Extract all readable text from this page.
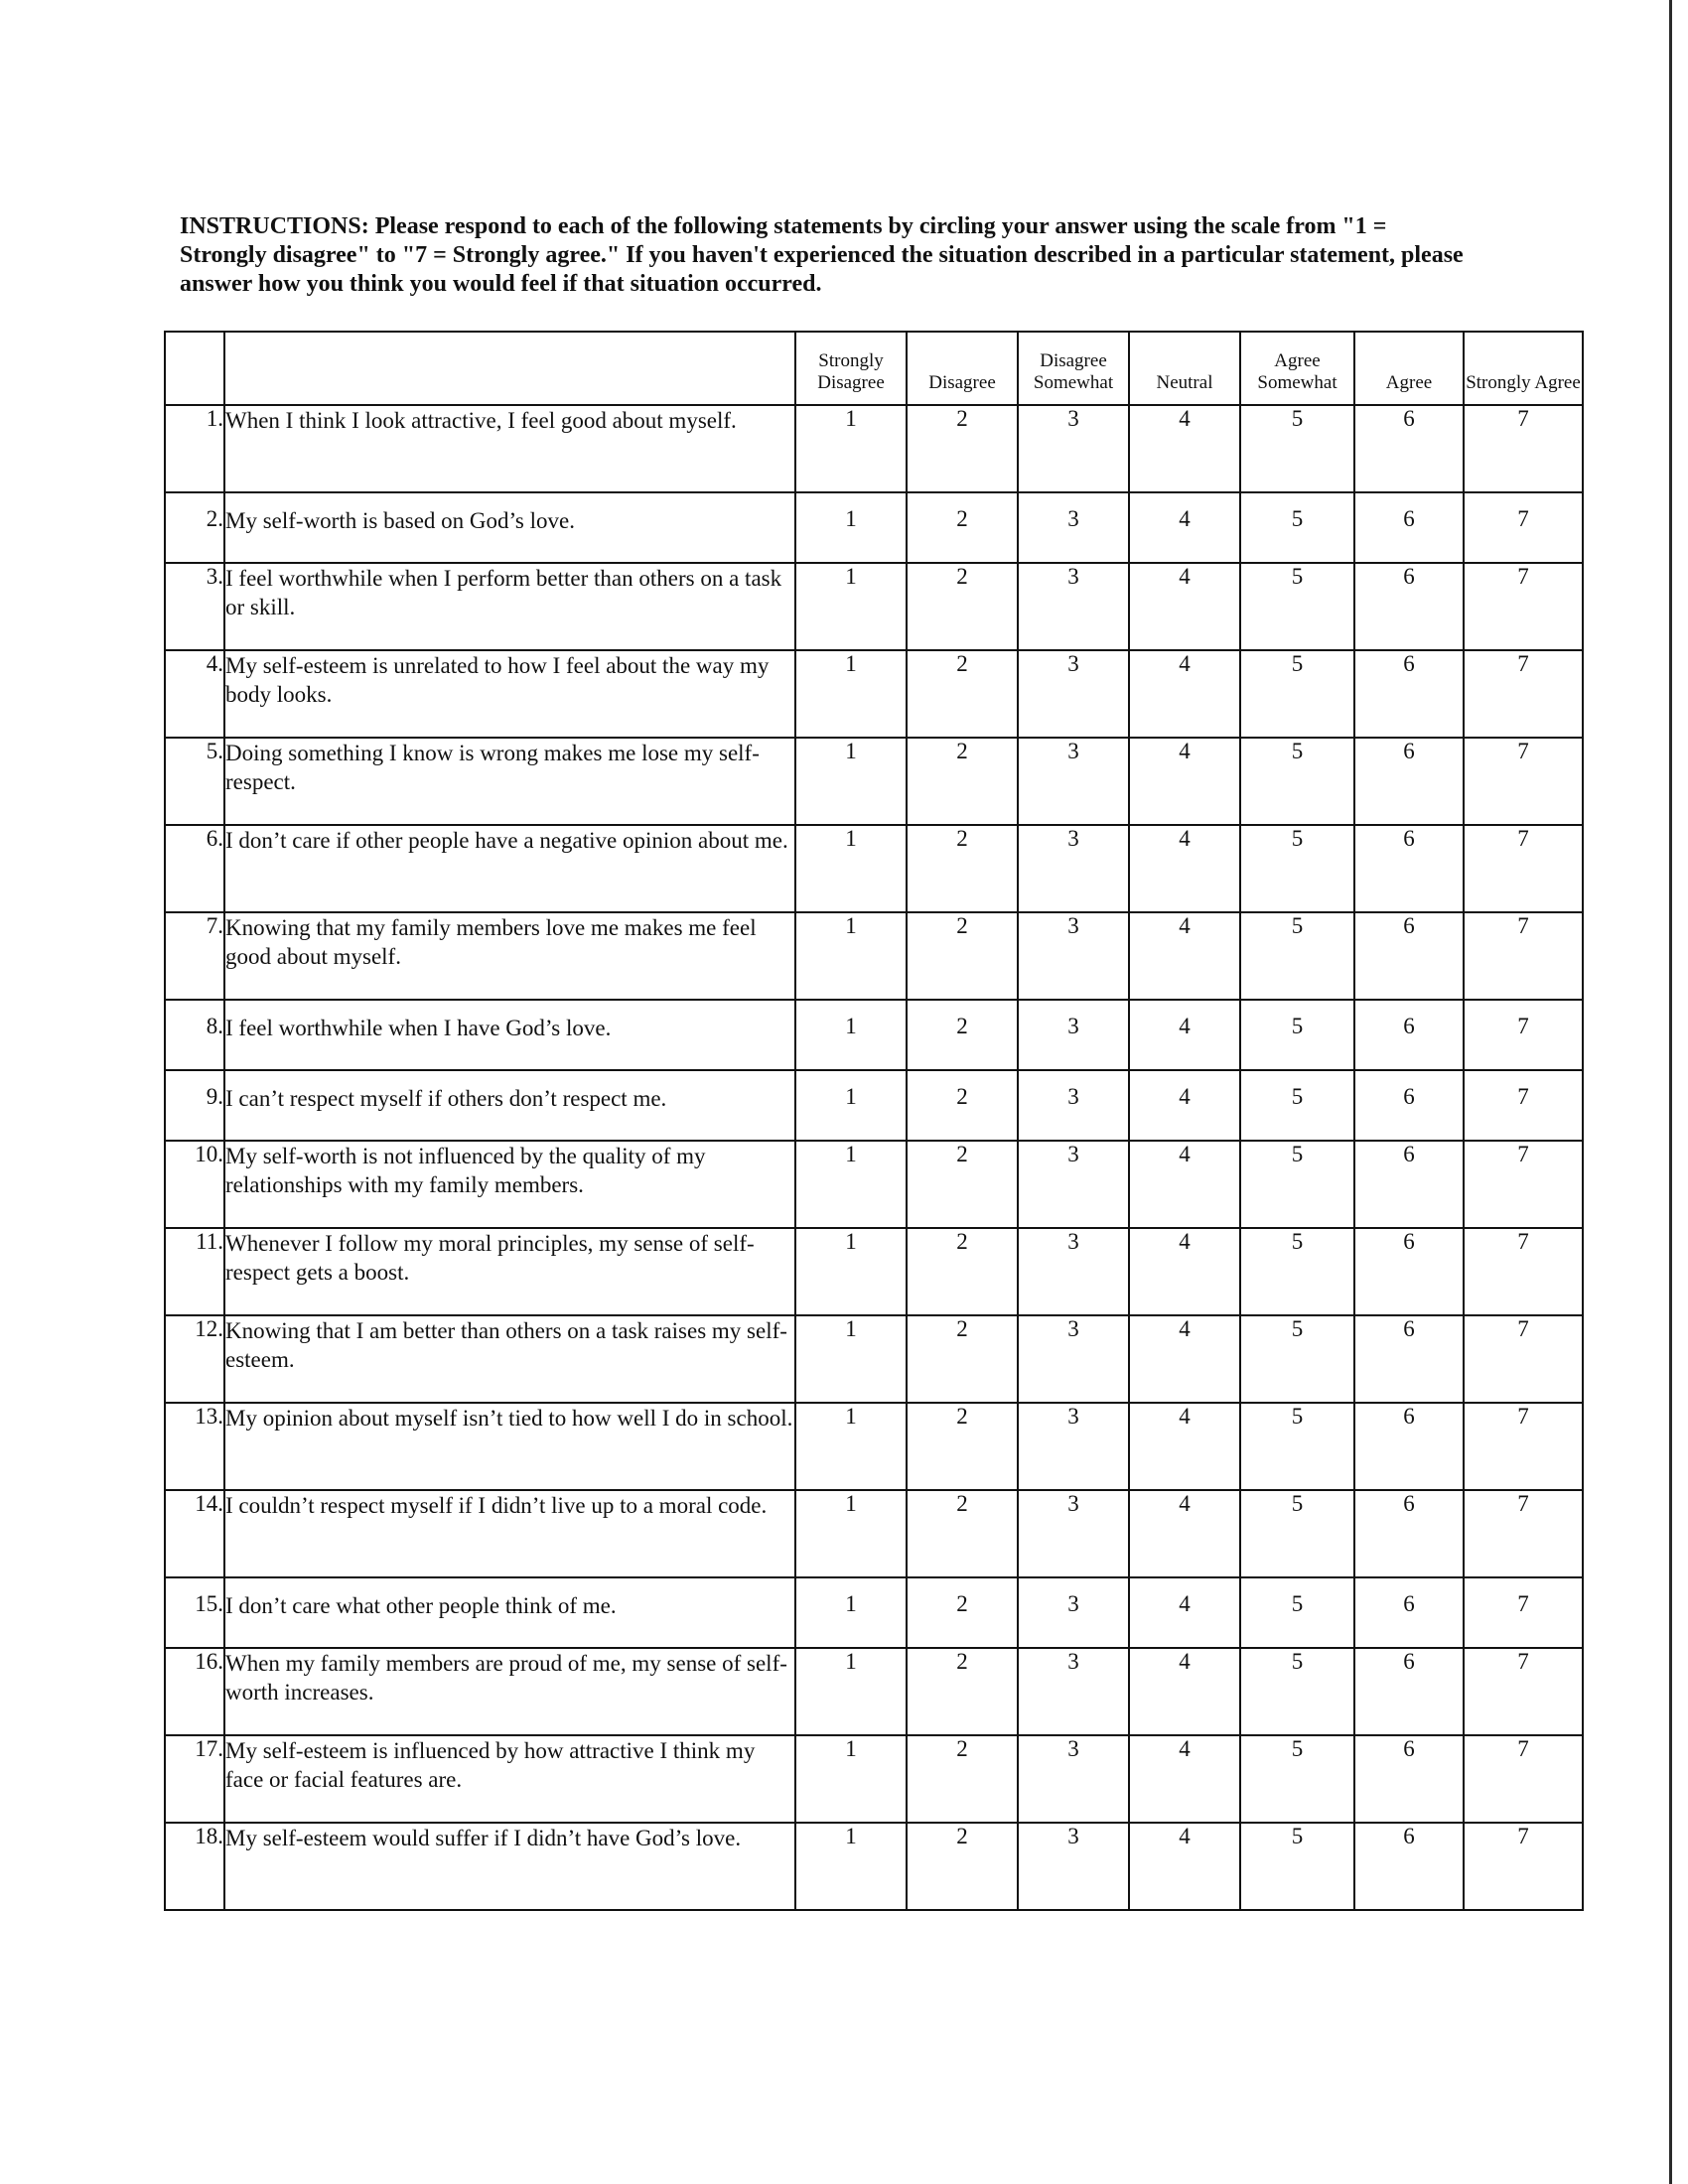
INSTRUCTIONS: Please respond to each of the following statements by circling your answer using the scale from "1 = Strongly disagree" to "7 = Strongly agree." If you haven't experienced the situation described in a particular statement, please answer how you think you would feel if that situation occurred.
		Strongly Disagree	Disagree	Disagree Somewhat	Neutral	Agree Somewhat	Agree	Strongly Agree
1.	When I think I look attractive, I feel good about myself.	1	2	3	4	5	6	7
2.	My self-worth is based on God’s love.	1	2	3	4	5	6	7
3.	I feel worthwhile when I perform better than others on a task or skill.	1	2	3	4	5	6	7
4.	My self-esteem is unrelated to how I feel about the way my body looks.	1	2	3	4	5	6	7
5.	Doing something I know is wrong makes me lose my self-respect.	1	2	3	4	5	6	7
6.	I don’t care if other people have a negative opinion about me.	1	2	3	4	5	6	7
7.	Knowing that my family members love me makes me feel good about myself.	1	2	3	4	5	6	7
8.	I feel worthwhile when I have God’s love.	1	2	3	4	5	6	7
9.	I can’t respect myself if others don’t respect me.	1	2	3	4	5	6	7
10.	My self-worth is not influenced by the quality of my relationships with my family members.	1	2	3	4	5	6	7
11.	Whenever I follow my moral principles, my sense of self-respect gets a boost.	1	2	3	4	5	6	7
12.	Knowing that I am better than others on a task raises my self-esteem.	1	2	3	4	5	6	7
13.	My opinion about myself isn’t tied to how well I do in school.	1	2	3	4	5	6	7
14.	I couldn’t respect myself if I didn’t live up to a moral code.	1	2	3	4	5	6	7
15.	I don’t care what other people think of me.	1	2	3	4	5	6	7
16.	When my family members are proud of me, my sense of self-worth increases.	1	2	3	4	5	6	7
17.	My self-esteem is influenced by how attractive I think my face or facial features are.	1	2	3	4	5	6	7
18.	My self-esteem would suffer if I didn’t have God’s love.	1	2	3	4	5	6	7
